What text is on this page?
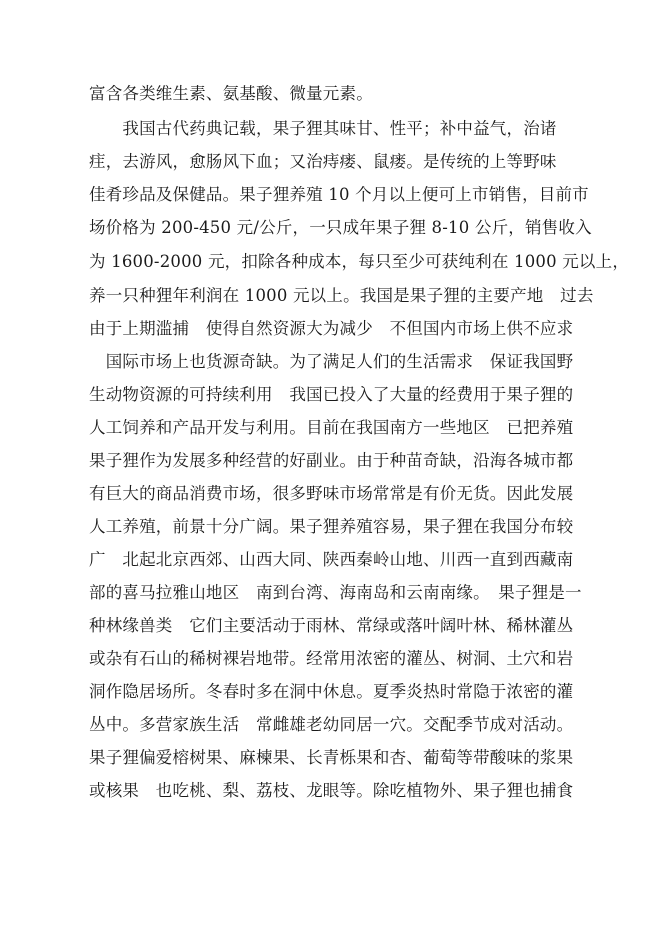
富含各类维生素、氨基酸、微量元素。
　　我国古代药典记载，果子狸其味甘、性平；补中益气，治诸
疰，去游风，愈肠风下血；又治痔瘘、鼠瘘。是传统的上等野味
佳肴珍品及保健品。果子狸养殖 10 个月以上便可上市销售，目前市
场价格为 200-450 元/公斤，一只成年果子狸 8-10 公斤，销售收入
为 1600-2000 元，扣除各种成本，每只至少可获纯利在 1000 元以上，
养一只种狸年利润在 1000 元以上。我国是果子狸的主要产地　过去
由于上期滥捕　使得自然资源大为减少　不但国内市场上供不应求
　国际市场上也货源奇缺。为了满足人们的生活需求　保证我国野
生动物资源的可持续利用　我国已投入了大量的经费用于果子狸的
人工饲养和产品开发与利用。目前在我国南方一些地区　已把养殖
果子狸作为发展多种经营的好副业。由于种苗奇缺，沿海各城市都
有巨大的商品消费市场，很多野味市场常常是有价无货。因此发展
人工养殖，前景十分广阔。果子狸养殖容易，果子狸在我国分布较
广　北起北京西郊、山西大同、陕西秦岭山地、川西一直到西藏南
部的喜马拉雅山地区　南到台湾、海南岛和云南南缘。　果子狸是一
种林缘兽类　它们主要活动于雨林、常绿或落叶阔叶林、稀林灌丛
或杂有石山的稀树裸岩地带。经常用浓密的灌丛、树洞、土穴和岩
洞作隐居场所。冬春时多在洞中休息。夏季炎热时常隐于浓密的灌
丛中。多营家族生活　常雌雄老幼同居一穴。交配季节成对活动。
果子狸偏爱榕树果、麻楝果、长青栎果和杏、葡萄等带酸味的浆果
或核果　也吃桃、梨、荔枝、龙眼等。除吃植物外、果子狸也捕食
